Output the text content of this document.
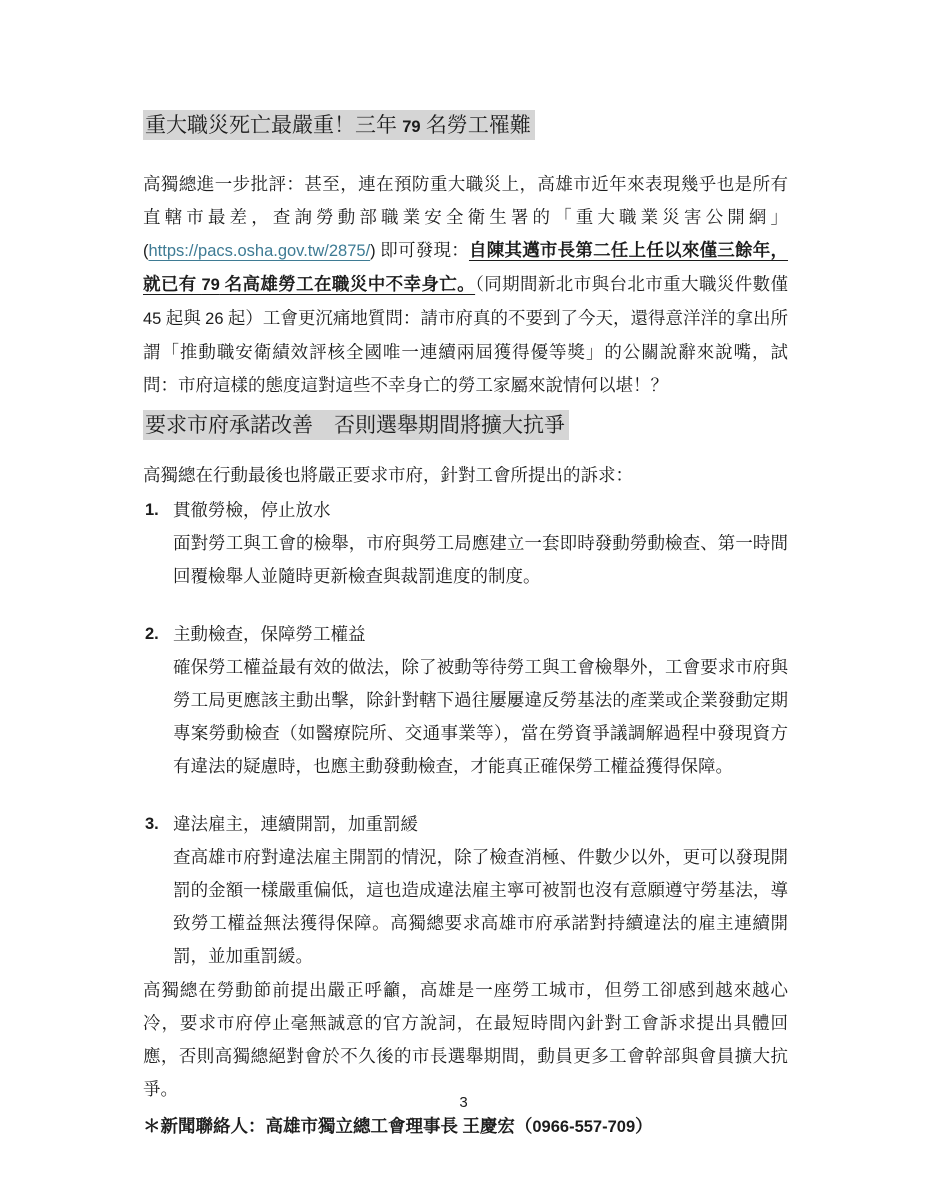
重大職災死亡最嚴重！三年 79 名勞工罹難

高獨總進一步批評：甚至，連在預防重大職災上，高雄市近年來表現幾乎也是所有直轄市最差，查詢勞動部職業安全衛生署的「重大職業災害公開網」(https://pacs.osha.gov.tw/2875/) 即可發現：自陳其邁市長第二任上任以來僅三餘年，就已有 79 名高雄勞工在職災中不幸身亡。（同期間新北市與台北市重大職災件數僅 45 起與 26 起）工會更沉痛地質問：請市府真的不要到了今天，還得意洋洋的拿出所謂「推動職安衛績效評核全國唯一連續兩屆獲得優等獎」的公關說辭來說嘴，試問：市府這樣的態度這對這些不幸身亡的勞工家屬來說情何以堪！？

要求市府承諾改善　否則選舉期間將擴大抗爭

高獨總在行動最後也將嚴正要求市府，針對工會所提出的訴求：

1. 貫徹勞檢，停止放水
面對勞工與工會的檢舉，市府與勞工局應建立一套即時發動勞動檢查、第一時間回覆檢舉人並隨時更新檢查與裁罰進度的制度。
2. 主動檢查，保障勞工權益
確保勞工權益最有效的做法，除了被動等待勞工與工會檢舉外，工會要求市府與勞工局更應該主動出擊，除針對轄下過往屢屢違反勞基法的產業或企業發動定期專案勞動檢查（如醫療院所、交通事業等），當在勞資爭議調解過程中發現資方有違法的疑慮時，也應主動發動檢查，才能真正確保勞工權益獲得保障。
3. 違法雇主，連續開罰，加重罰緩
查高雄市府對違法雇主開罰的情況，除了檢查消極、件數少以外，更可以發現開罰的金額一樣嚴重偏低，這也造成違法雇主寧可被罰也沒有意願遵守勞基法，導致勞工權益無法獲得保障。高獨總要求高雄市府承諾對持續違法的雇主連續開罰，並加重罰緩。

高獨總在勞動節前提出嚴正呼籲，高雄是一座勞工城市，但勞工卻感到越來越心冷，要求市府停止毫無誠意的官方說詞，在最短時間內針對工會訴求提出具體回應，否則高獨總絕對會於不久後的市長選舉期間，動員更多工會幹部與會員擴大抗爭。

＊新聞聯絡人：高雄市獨立總工會理事長 王慶宏（0966-557-709）

3
